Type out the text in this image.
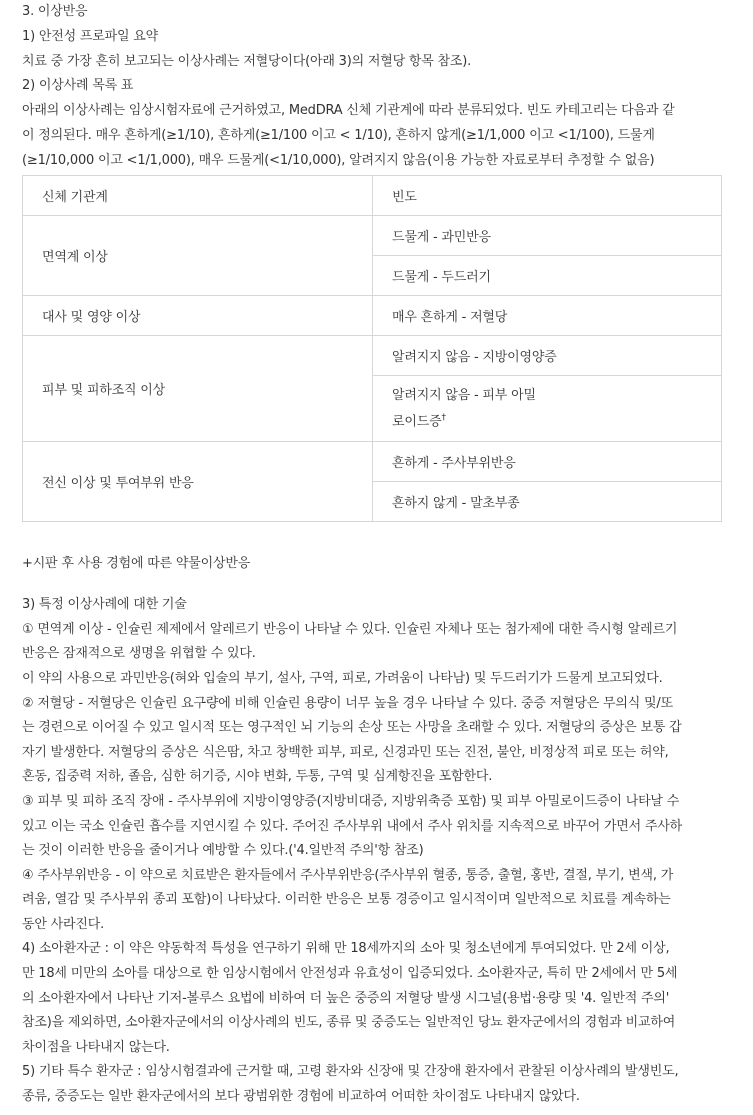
3. 이상반응
1) 안전성 프로파일 요약
치료 중 가장 흔히 보고되는 이상사례는 저혈당이다(아래 3)의 저혈당 항목 참조).
2) 이상사례 목록 표
아래의 이상사례는 임상시험자료에 근거하였고, MedDRA 신체 기관계에 따라 분류되었다. 빈도 카테고리는 다음과 같
이 정의된다. 매우 흔하게(≥1/10), 흔하게(≥1/100 이고 < 1/10), 흔하지 않게(≥1/1,000 이고 <1/100), 드물게
(≥1/10,000 이고 <1/1,000), 매우 드물게(<1/10,000), 알려지지 않음(이용 가능한 자료로부터 추정할 수 없음)
신체 기관계	빈도
면역계 이상	드물게 - 과민반응
	드물게 - 두드러기
대사 및 영양 이상	매우 흔하게 - 저혈당
피부 및 피하조직 이상	알려지지 않음 - 지방이영양증
	알려지지 않음 - 피부 아밀
로이드증†
전신 이상 및 투여부위 반응	흔하게 - 주사부위반응
	흔하지 않게 - 말초부종
+시판 후 사용 경험에 따른 약물이상반응
3) 특정 이상사례에 대한 기술
① 면역계 이상 - 인슐린 제제에서 알레르기 반응이 나타날 수 있다. 인슐린 자체나 또는 첨가제에 대한 즉시형 알레르기
반응은 잠재적으로 생명을 위협할 수 있다.
이 약의 사용으로 과민반응(혀와 입술의 부기, 설사, 구역, 피로, 가려움이 나타남) 및 두드러기가 드물게 보고되었다.
② 저혈당 - 저혈당은 인슐린 요구량에 비해 인슐린 용량이 너무 높을 경우 나타날 수 있다. 중증 저혈당은 무의식 및/또
는 경련으로 이어질 수 있고 일시적 또는 영구적인 뇌 기능의 손상 또는 사망을 초래할 수 있다. 저혈당의 증상은 보통 갑
자기 발생한다. 저혈당의 증상은 식은땀, 차고 창백한 피부, 피로, 신경과민 또는 진전, 불안, 비정상적 피로 또는 허약,
혼동, 집중력 저하, 졸음, 심한 허기증, 시야 변화, 두통, 구역 및 심계항진을 포함한다.
③ 피부 및 피하 조직 장애 - 주사부위에 지방이영양증(지방비대증, 지방위축증 포함) 및 피부 아밀로이드증이 나타날 수
있고 이는 국소 인슐린 흡수를 지연시킬 수 있다. 주어진 주사부위 내에서 주사 위치를 지속적으로 바꾸어 가면서 주사하
는 것이 이러한 반응을 줄이거나 예방할 수 있다.('4.일반적 주의'항 참조)
④ 주사부위반응 - 이 약으로 치료받은 환자들에서 주사부위반응(주사부위 혈종, 통증, 출혈, 홍반, 결절, 부기, 변색, 가
려움, 열감 및 주사부위 종괴 포함)이 나타났다. 이러한 반응은 보통 경증이고 일시적이며 일반적으로 치료를 계속하는
동안 사라진다.
4) 소아환자군 : 이 약은 약동학적 특성을 연구하기 위해 만 18세까지의 소아 및 청소년에게 투여되었다. 만 2세 이상,
만 18세 미만의 소아를 대상으로 한 임상시험에서 안전성과 유효성이 입증되었다. 소아환자군, 특히 만 2세에서 만 5세
의 소아환자에서 나타난 기저-볼루스 요법에 비하여 더 높은 중증의 저혈당 발생 시그널(용법·용량 및 '4. 일반적 주의'
참조)을 제외하면, 소아환자군에서의 이상사례의 빈도, 종류 및 중증도는 일반적인 당뇨 환자군에서의 경험과 비교하여
차이점을 나타내지 않는다.
5) 기타 특수 환자군 : 임상시험결과에 근거할 때, 고령 환자와 신장애 및 간장애 환자에서 관찰된 이상사례의 발생빈도,
종류, 중증도는 일반 환자군에서의 보다 광범위한 경험에 비교하여 어떠한 차이점도 나타내지 않았다.
